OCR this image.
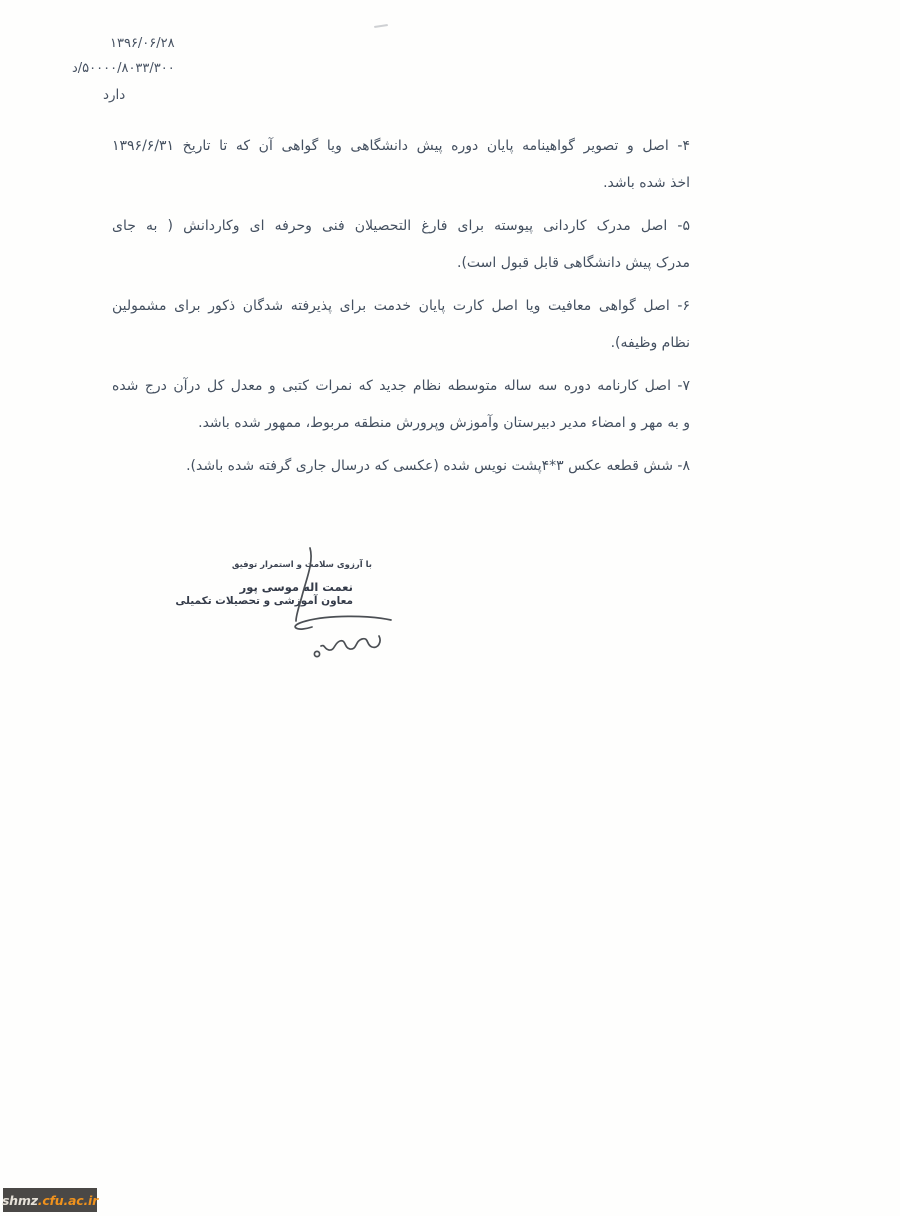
۱۳۹۶/۰۶/۲۸
۵۰۰۰۰/۸۰۳۳/۳۰۰/د
دارد
۴- اصل و تصویر گواهینامه پایان دوره پیش دانشگاهی ویا گواهی آن که تا تاریخ ۱۳۹۶/۶/۳۱
اخذ شده باشد.
۵- اصل مدرک کاردانی پیوسته برای فارغ التحصیلان فنی وحرفه ای وکاردانش ( به جای
مدرک پیش دانشگاهی قابل قبول است).
۶- اصل گواهی معافیت ویا اصل کارت پایان خدمت برای پذیرفته شدگان ذکور برای مشمولین
نظام وظیفه).
۷- اصل کارنامه دوره سه ساله متوسطه نظام جدید که نمرات کتبی و معدل کل درآن درج شده
و به مهر و امضاء مدیر دبیرستان وآموزش وپرورش منطقه مربوط، ممهور شده باشد.
۸- شش قطعه عکس ۳*۴پشت نویس شده (عکسی که درسال جاری گرفته شده باشد).
با آرزوی سلامت و استمرار توفیق
نعمت اله موسی پور
معاون آموزشی و تحصیلات تکمیلی
shmz .cfu.ac.ir
